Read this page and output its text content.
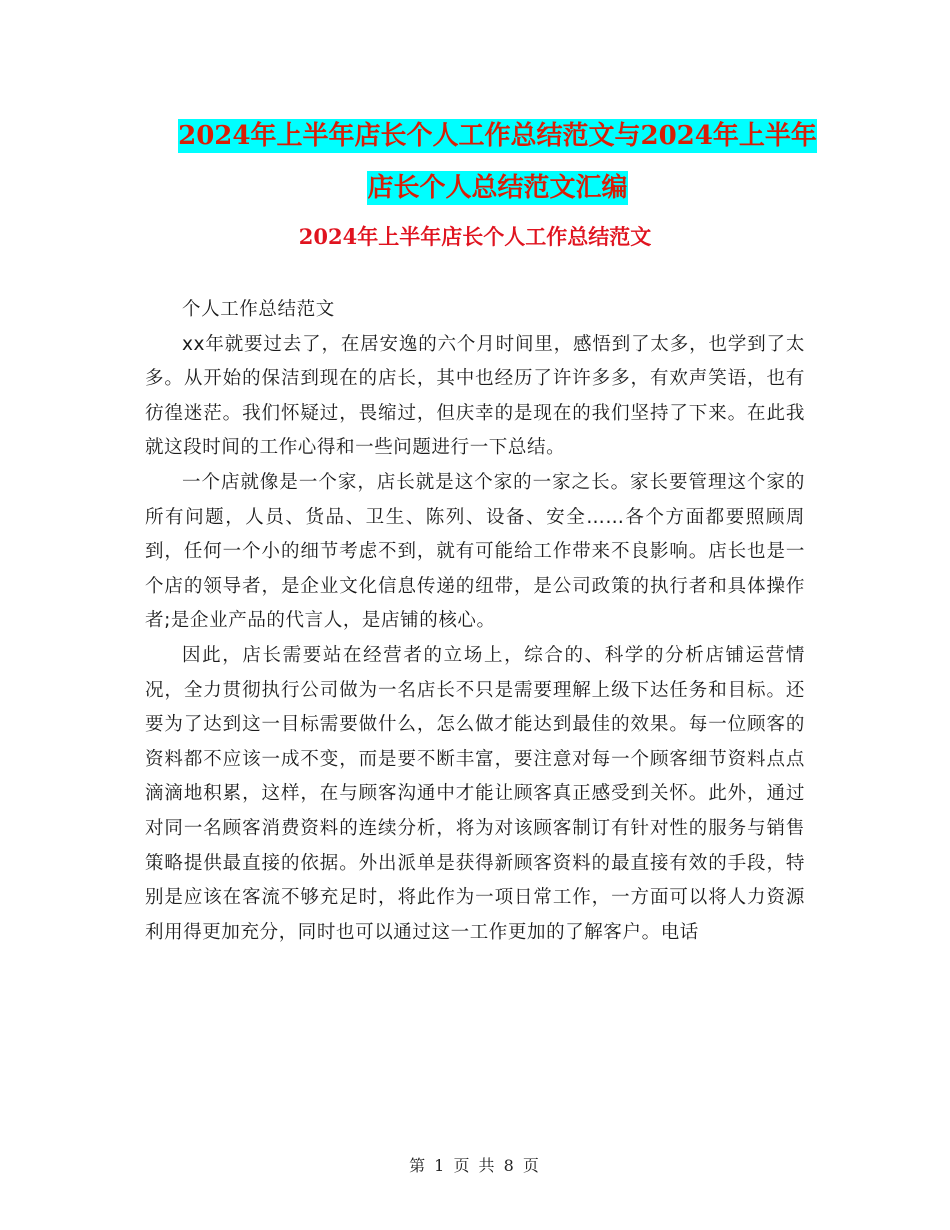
2024年上半年店长个人工作总结范文与2024年上半年
店长个人总结范文汇编
2024年上半年店长个人工作总结范文

个人工作总结范文

xx年就要过去了，在居安逸的六个月时间里，感悟到了太多，也学到了太多。从开始的保洁到现在的店长，其中也经历了许许多多，有欢声笑语，也有彷徨迷茫。我们怀疑过，畏缩过，但庆幸的是现在的我们坚持了下来。在此我就这段时间的工作心得和一些问题进行一下总结。

一个店就像是一个家，店长就是这个家的一家之长。家长要管理这个家的所有问题，人员、货品、卫生、陈列、设备、安全……各个方面都要照顾周到，任何一个小的细节考虑不到，就有可能给工作带来不良影响。店长也是一个店的领导者，是企业文化信息传递的纽带，是公司政策的执行者和具体操作者;是企业产品的代言人，是店铺的核心。

因此，店长需要站在经营者的立场上，综合的、科学的分析店铺运营情况，全力贯彻执行公司做为一名店长不只是需要理解上级下达任务和目标。还要为了达到这一目标需要做什么，怎么做才能达到最佳的效果。每一位顾客的资料都不应该一成不变，而是要不断丰富，要注意对每一个顾客细节资料点点滴滴地积累，这样，在与顾客沟通中才能让顾客真正感受到关怀。此外，通过对同一名顾客消费资料的连续分析，将为对该顾客制订有针对性的服务与销售策略提供最直接的依据。外出派单是获得新顾客资料的最直接有效的手段，特别是应该在客流不够充足时，将此作为一项日常工作，一方面可以将人力资源利用得更加充分，同时也可以通过这一工作更加的了解客户。电话

第 1 页 共 8 页
